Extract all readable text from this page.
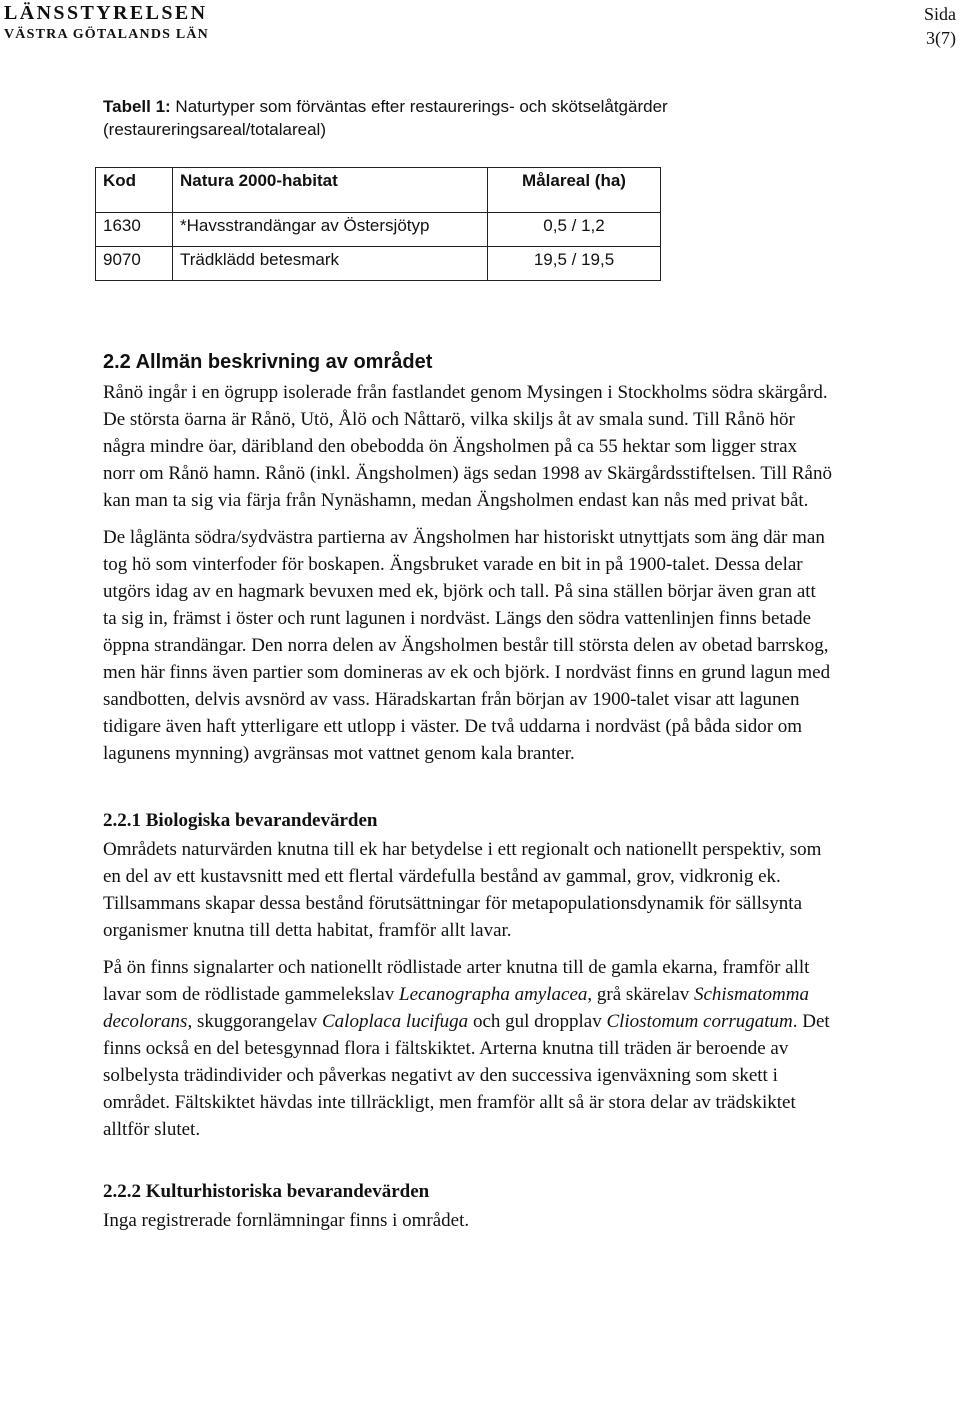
LÄNSSTYRELSEN
VÄSTRA GÖTALANDS LÄN
Sida
3(7)
Tabell 1: Naturtyper som förväntas efter restaurerings- och skötselåtgärder (restaureringsareal/totalareal)
Kod	Natura 2000-habitat	Målareal (ha)
1630	*Havsstrandängar av Östersjötyp	0,5 / 1,2
9070	Trädklädd betesmark	19,5 / 19,5
2.2 Allmän beskrivning av området

Rånö ingår i en ögrupp isolerade från fastlandet genom Mysingen i Stockholms södra skärgård. De största öarna är Rånö, Utö, Ålö och Nåttarö, vilka skiljs åt av smala sund. Till Rånö hör några mindre öar, däribland den obebodda ön Ängsholmen på ca 55 hektar som ligger strax norr om Rånö hamn. Rånö (inkl. Ängsholmen) ägs sedan 1998 av Skärgårdsstiftelsen. Till Rånö kan man ta sig via färja från Nynäshamn, medan Ängsholmen endast kan nås med privat båt.

De låglänta södra/sydvästra partierna av Ängsholmen har historiskt utnyttjats som äng där man tog hö som vinterfoder för boskapen. Ängsbruket varade en bit in på 1900-talet. Dessa delar utgörs idag av en hagmark bevuxen med ek, björk och tall. På sina ställen börjar även gran att ta sig in, främst i öster och runt lagunen i nordväst. Längs den södra vattenlinjen finns betade öppna strandängar. Den norra delen av Ängsholmen består till största delen av obetad barrskog, men här finns även partier som domineras av ek och björk. I nordväst finns en grund lagun med sandbotten, delvis avsnörd av vass. Häradskartan från början av 1900-talet visar att lagunen tidigare även haft ytterligare ett utlopp i väster. De två uddarna i nordväst (på båda sidor om lagunens mynning) avgränsas mot vattnet genom kala branter.

2.2.1 Biologiska bevarandevärden

Områdets naturvärden knutna till ek har betydelse i ett regionalt och nationellt perspektiv, som en del av ett kustavsnitt med ett flertal värdefulla bestånd av gammal, grov, vidkronig ek. Tillsammans skapar dessa bestånd förutsättningar för metapopulationsdynamik för sällsynta organismer knutna till detta habitat, framför allt lavar.

På ön finns signalarter och nationellt rödlistade arter knutna till de gamla ekarna, framför allt lavar som de rödlistade gammelekslav Lecanographa amylacea, grå skärelav Schismatomma decolorans, skuggorangelav Caloplaca lucifuga och gul dropplav Cliostomum corrugatum. Det finns också en del betesgynnad flora i fältskiktet. Arterna knutna till träden är beroende av solbelysta trädindivider och påverkas negativt av den successiva igenväxning som skett i området. Fältskiktet hävdas inte tillräckligt, men framför allt så är stora delar av trädskiktet alltför slutet.

2.2.2 Kulturhistoriska bevarandevärden

Inga registrerade fornlämningar finns i området.
